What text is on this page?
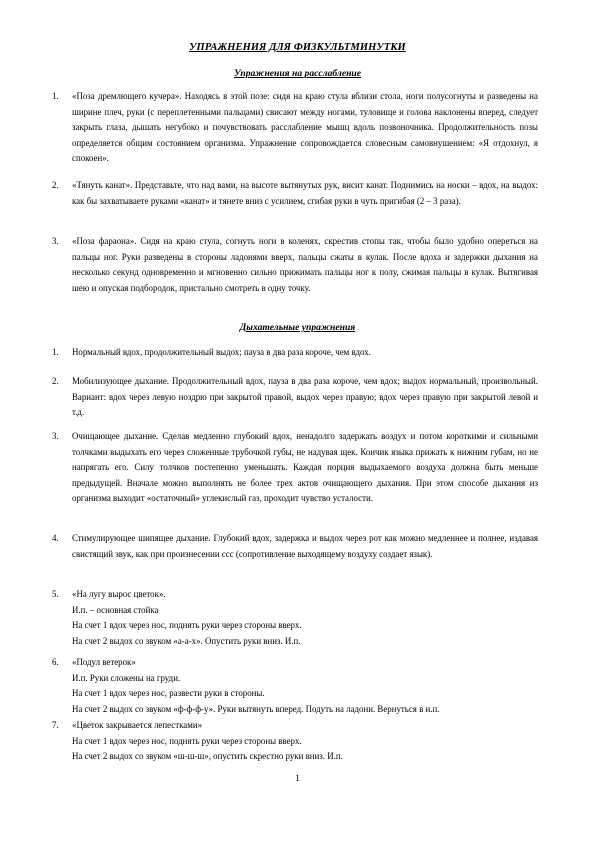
УПРАЖНЕНИЯ ДЛЯ ФИЗКУЛЬТМИНУТКИ
Упражнения на расслабление
1. «Поза дремлющего кучера». Находясь в этой позе: сидя на краю стула вблизи стола, ноги полусогнуты и разведены на ширине плеч, руки (с переплетенными пальцами) свисают между ногами, туловище и голова наклонены вперед, следует закрыть глаза, дышать негубоко и почувствовать расслабление мышц вдоль позвоночника. Продолжительность позы определяется общим состоянием организма. Упражнение сопровождается словесным самовнушением: «Я отдохнул, я спокоен».
2. «Тянуть канат». Представьте, что над вами, на высоте вытянутых рук, висит канат. Поднимись на носки – вдох, на выдох: как бы захватываете руками «канат» и тянете вниз с усилием, сгибая руки в чуть пригибая (2 – 3 раза).
3. «Поза фараона». Сидя на краю стула, согнуть ноги в коленях, скрестив стопы так, чтобы было удобно опереться на пальцы ног. Руки разведены в стороны ладонями вверх, пальцы сжаты в кулак. После вдоха и задержки дыхания на несколько секунд одновременно и мгновенно сильно прижимать пальцы ног к полу, сжимая пальцы в кулак. Вытягивая шею и опуская подбородок, пристально смотреть в одну точку.
Дыхательные упражнения
1. Нормальный вдох, продолжительный выдох; пауза в два раза короче, чем вдох.
2. Мобилизующее дыхание. Продолжительный вдох, пауза в два раза короче, чем вдох; выдох нормальный, произвольный. Вариант: вдох через левую ноздрю при закрытой правой, выдох через правую; вдох через правую при закрытой левой и т.д.
3. Очищающее дыхание. Сделав медленно глубокий вдох, ненадолго задержать воздух и потом короткими и сильными толчками выдыхать его через сложенные трубочкой губы, не надувая щек. Кончик языка прижать к нижним губам, но не напрягать его. Силу толчков постепенно уменьшать. Каждая порция выдыхаемого воздуха должна быть меньше предыдущей. Вначале можно выполнять не более трех актов очищающего дыхания. При этом способе дыхания из организма выходит «остаточный» углекислый газ, проходит чувство усталости.
4. Стимулирующее шипящее дыхание. Глубокий вдох, задержка и выдох через рот как можно медленнее и полнее, издавая свистящий звук, как при произнесении ссс (сопротивление выходящему воздуху создает язык).
5. «На лугу вырос цветок».
И.п. – основная стойка
На счет 1 вдох через нос, поднять руки через стороны вверх.
На счет 2 выдох со звуком «а-а-х». Опустить руки вниз. И.п.
6. «Подул ветерок»
И.п. Руки сложены на груди.
На счет 1 вдох через нос, развести руки в стороны.
На счет 2 выдох со звуком «ф-ф-ф-у». Руки вытянуть вперед. Подуть на ладони. Вернуться в и.п.
7. «Цветок закрывается лепестками»
На счет 1 вдох через нос, поднять руки через стороны вверх.
На счет 2 выдох со звуком «ш-ш-ш», опустить скрестно руки вниз. И.п.
1
